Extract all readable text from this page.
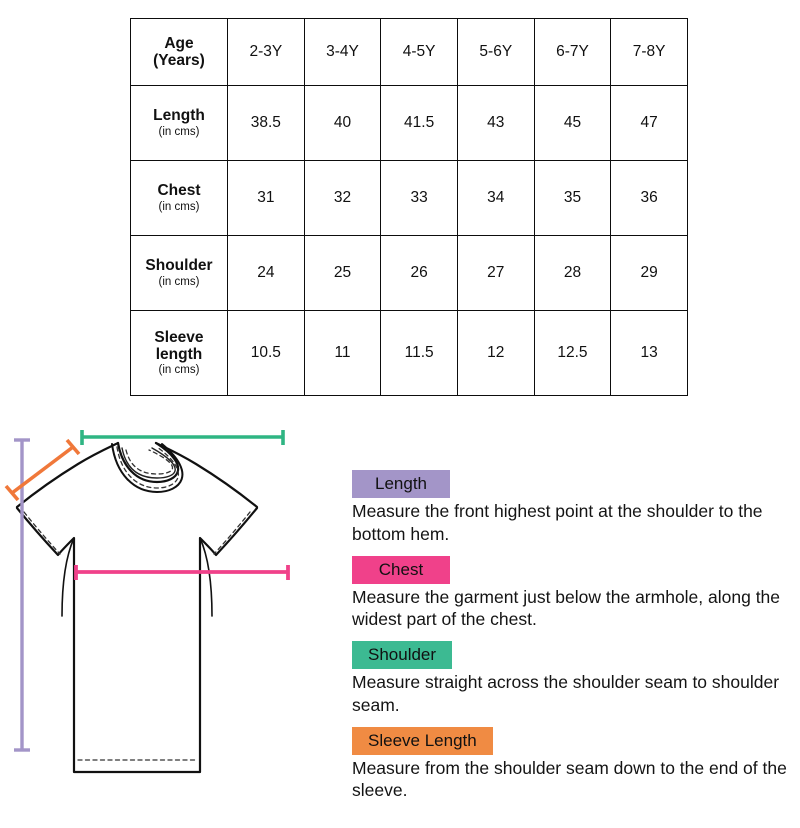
Age
(Years)	2-3Y	3-4Y	4-5Y	5-6Y	6-7Y	7-8Y

Length
(in cms)	38.5	40	41.5	43	45	47

Chest
(in cms)	31	32	33	34	35	36

Shoulder
(in cms)	24	25	26	27	28	29

Sleeve length
(in cms)	10.5	11	11.5	12	12.5	13
Length
Measure the front highest point at the shoulder to the bottom hem.
Chest
Measure the garment just below the armhole, along the widest part of the chest.
Shoulder
Measure straight across the shoulder seam to shoulder seam.
Sleeve Length
Measure from the shoulder seam down to the end of the sleeve.
